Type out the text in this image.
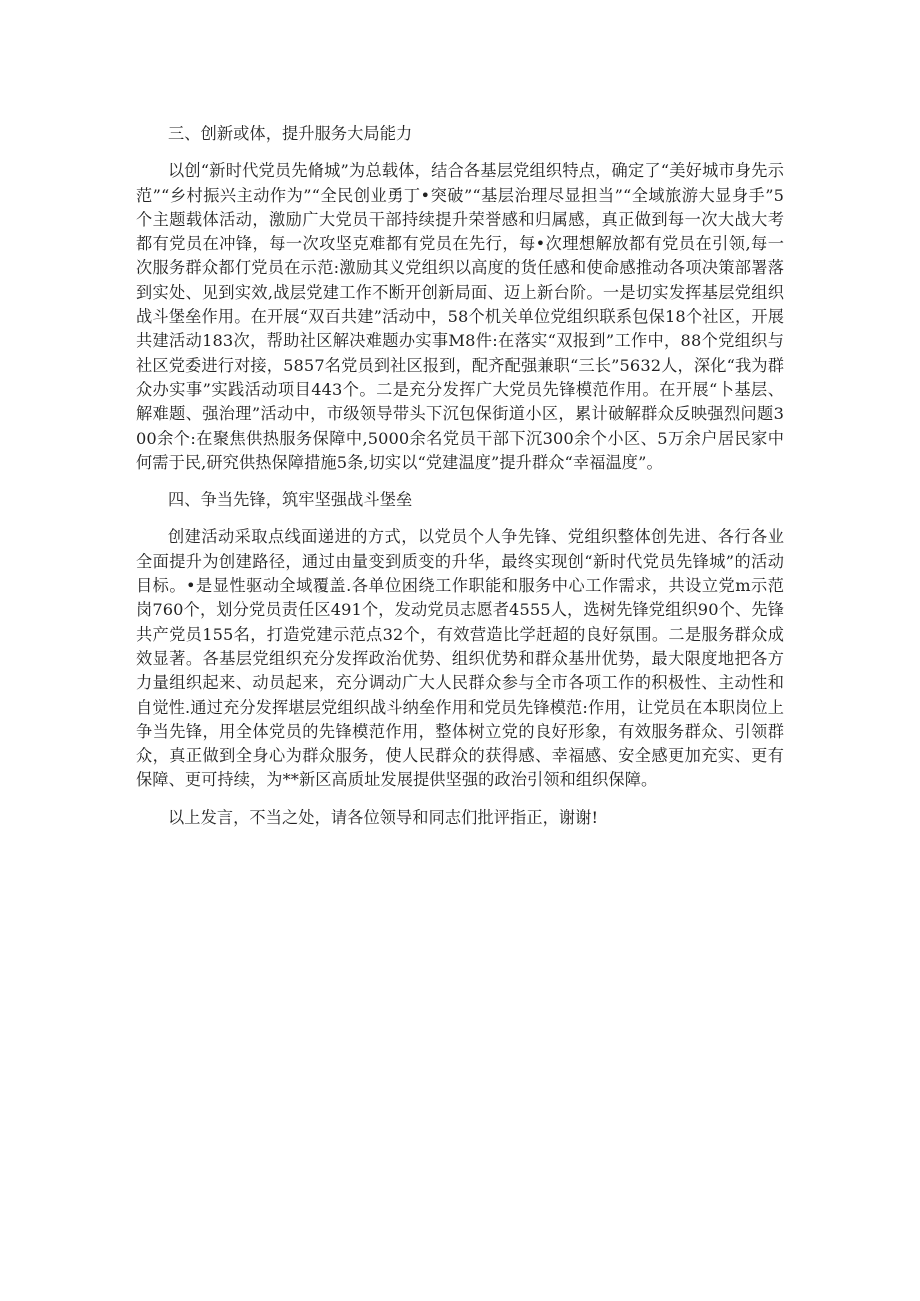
三、创新或体，提升服务大局能力

以创“新时代党员先脩城”为总载体，结合各基层党组织特点，确定了“美好城市身先示范”“乡村振兴主动作为”“全民创业勇丁•突破”“基层治理尽显担当”“全域旅游大显身手”5个主题载体活动，激励广大党员干部持续提升荣誉感和归属感，真正做到每一次大战大考都有党员在冲锋，每一次攻坚克难都有党员在先行，每•次理想解放都有党员在引领,每一次服务群众都仃党员在示范:激励其义党组织以高度的货任感和使命感推动各项决策部署落到实处、见到实效,战层党建工作不断开创新局面、迈上新台阶。一是切实发挥基层党组织战斗堡垒作用。在开展“双百共建”活动中，58个机关单位党组织联系包保18个社区，开展共建活动183次，帮助社区解决难题办实事M8件:在落实“双报到”工作中，88个党组织与社区党委进行对接，5857名党员到社区报到，配齐配强兼职“三长”5632人，深化“我为群众办实事”实践活动项目443个。二是充分发挥广大党员先锋模范作用。在开展“卜基层、解难题、强治理”活动中，市级领导带头下沉包保街道小区，累计破解群众反映强烈问题300余个:在聚焦供热服务保障中,5000余名党员干部下沉300余个小区、5万余户居民家中何需于民,研究供热保障措施5条,切实以“党建温度”提升群众“幸福温度”。

四、争当先锋，筑牢坚强战斗堡垒

创建活动采取点线面递进的方式，以党员个人争先锋、党组织整体创先进、各行各业全面提升为创建路径，通过由量变到质变的升华，最终实现创“新时代党员先锋城”的活动目标。•是显性驱动全域覆盖.各单位困绕工作职能和服务中心工作需求，共设立党m示范岗760个，划分党员责任区491个，发动党员志愿者4555人，选树先锋党组织90个、先锋共产党员155名，打造党建示范点32个，有效营造比学赶超的良好氛围。二是服务群众成效显著。各基层党组织充分发挥政治优势、组织优势和群众基卅优势，最大限度地把各方力量组织起来、动员起来，充分调动广大人民群众参与全市各项工作的积极性、主动性和自觉性.通过充分发挥堪层党组织战斗纳垒作用和党员先锋模范:作用，让党员在本职岗位上争当先锋，用全体党员的先锋模范作用，整体树立党的良好形象，有效服务群众、引领群众，真正做到全身心为群众服务，使人民群众的获得感、幸福感、安全感更加充实、更有保障、更可持续，为**新区高质址发展提供坚强的政治引领和组织保障。

以上发言，不当之处，请各位领导和同志们批评指正，谢谢!
